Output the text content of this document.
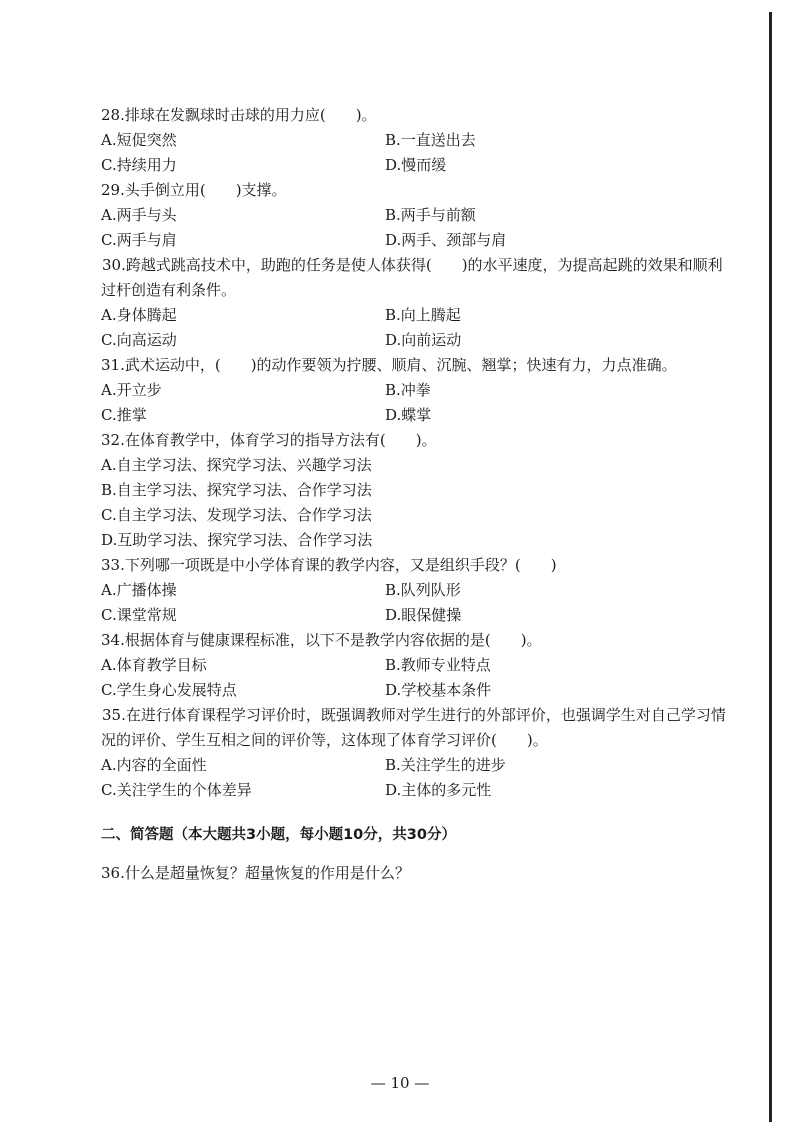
28.排球在发飘球时击球的用力应(　　)。
A.短促突然	B.一直送出去
C.持续用力	D.慢而缓
29.头手倒立用(　　)支撑。
A.两手与头	B.两手与前额
C.两手与肩	D.两手、颈部与肩
30.跨越式跳高技术中，助跑的任务是使人体获得(　　)的水平速度，为提高起跳的效果和顺利过杆创造有利条件。
A.身体腾起	B.向上腾起
C.向高运动	D.向前运动
31.武术运动中，(　　)的动作要领为拧腰、顺肩、沉腕、翘掌；快速有力，力点准确。
A.开立步	B.冲拳
C.推掌	D.蝶掌
32.在体育教学中，体育学习的指导方法有(　　)。
A.自主学习法、探究学习法、兴趣学习法
B.自主学习法、探究学习法、合作学习法
C.自主学习法、发现学习法、合作学习法
D.互助学习法、探究学习法、合作学习法
33.下列哪一项既是中小学体育课的教学内容，又是组织手段？(　　)
A.广播体操	B.队列队形
C.课堂常规	D.眼保健操
34.根据体育与健康课程标准，以下不是教学内容依据的是(　　)。
A.体育教学目标	B.教师专业特点
C.学生身心发展特点	D.学校基本条件
35.在进行体育课程学习评价时，既强调教师对学生进行的外部评价，也强调学生对自己学习情况的评价、学生互相之间的评价等，这体现了体育学习评价(　　)。
A.内容的全面性	B.关注学生的进步
C.关注学生的个体差异	D.主体的多元性
二、简答题（本大题共3小题，每小题10分，共30分）
36.什么是超量恢复？超量恢复的作用是什么？
— 10 —
